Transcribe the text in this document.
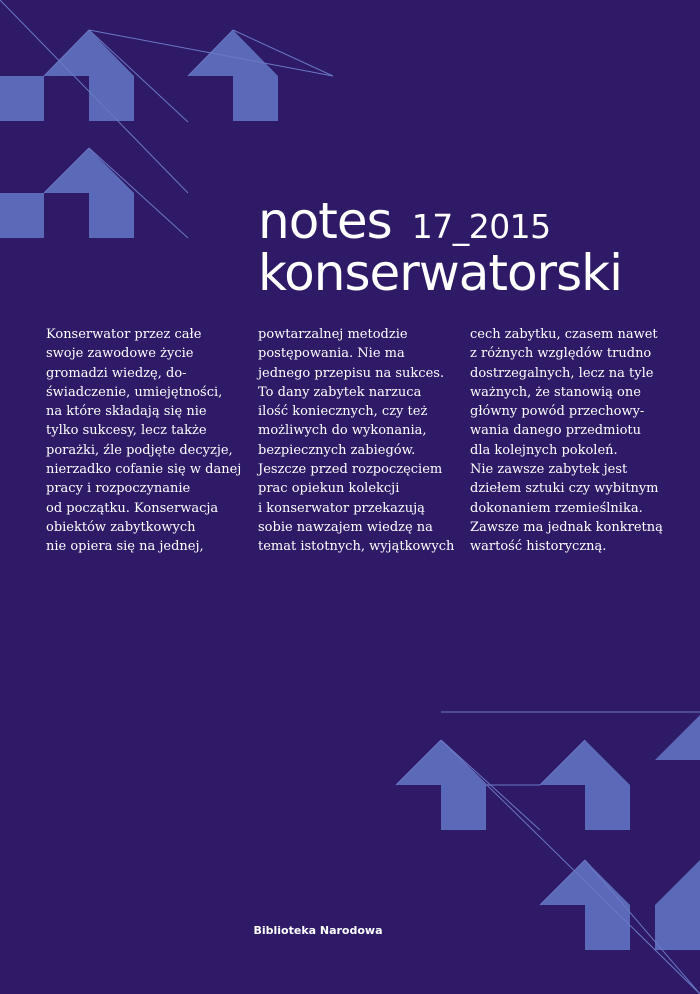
notes 17_2015
konserwatorski
Konserwator przez całe
swoje zawodowe życie
gromadzi wiedzę, do-
świadczenie, umiejętności,
na które składają się nie
tylko sukcesy, lecz także
porażki, źle podjęte decyzje,
nierzadko cofanie się w danej
pracy i rozpoczynanie
od początku. Konserwacja
obiektów zabytkowych
nie opiera się na jednej,
powtarzalnej metodzie
postępowania. Nie ma
jednego przepisu na sukces.
To dany zabytek narzuca
ilość koniecznych, czy też
możliwych do wykonania,
bezpiecznych zabiegów.
Jeszcze przed rozpoczęciem
prac opiekun kolekcji
i konserwator przekazują
sobie nawzajem wiedzę na
temat istotnych, wyjątkowych
cech zabytku, czasem nawet
z różnych względów trudno
dostrzegalnych, lecz na tyle
ważnych, że stanowią one
główny powód przechowy-
wania danego przedmiotu
dla kolejnych pokoleń.
Nie zawsze zabytek jest
dziełem sztuki czy wybitnym
dokonaniem rzemieślnika.
Zawsze ma jednak konkretną
wartość historyczną.
Biblioteka Narodowa
